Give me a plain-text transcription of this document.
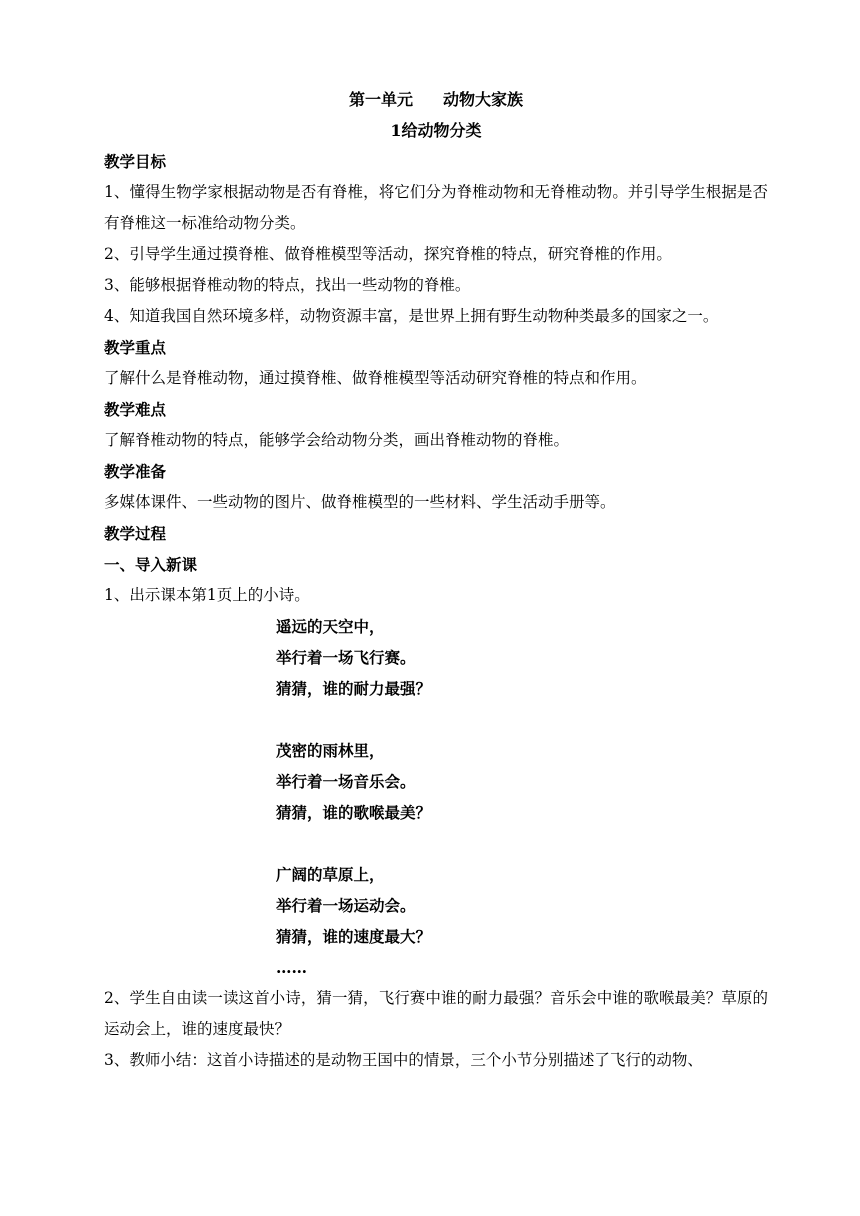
第一单元 动物大家族
1给动物分类
教学目标
1、懂得生物学家根据动物是否有脊椎，将它们分为脊椎动物和无脊椎动物。并引导学生根据是否有脊椎这一标准给动物分类。
2、引导学生通过摸脊椎、做脊椎模型等活动，探究脊椎的特点，研究脊椎的作用。
3、能够根据脊椎动物的特点，找出一些动物的脊椎。
4、知道我国自然环境多样，动物资源丰富，是世界上拥有野生动物种类最多的国家之一。
教学重点
了解什么是脊椎动物，通过摸脊椎、做脊椎模型等活动研究脊椎的特点和作用。
教学难点
了解脊椎动物的特点，能够学会给动物分类，画出脊椎动物的脊椎。
教学准备
多媒体课件、一些动物的图片、做脊椎模型的一些材料、学生活动手册等。
教学过程
一、导入新课
1、出示课本第1页上的小诗。
遥远的天空中，
举行着一场飞行赛。
猜猜，谁的耐力最强？
茂密的雨林里，
举行着一场音乐会。
猜猜，谁的歌喉最美？
广阔的草原上，
举行着一场运动会。
猜猜，谁的速度最大？
……
2、学生自由读一读这首小诗，猜一猜，飞行赛中谁的耐力最强？音乐会中谁的歌喉最美？草原的运动会上，谁的速度最快？
3、教师小结：这首小诗描述的是动物王国中的情景，三个小节分别描述了飞行的动物、
